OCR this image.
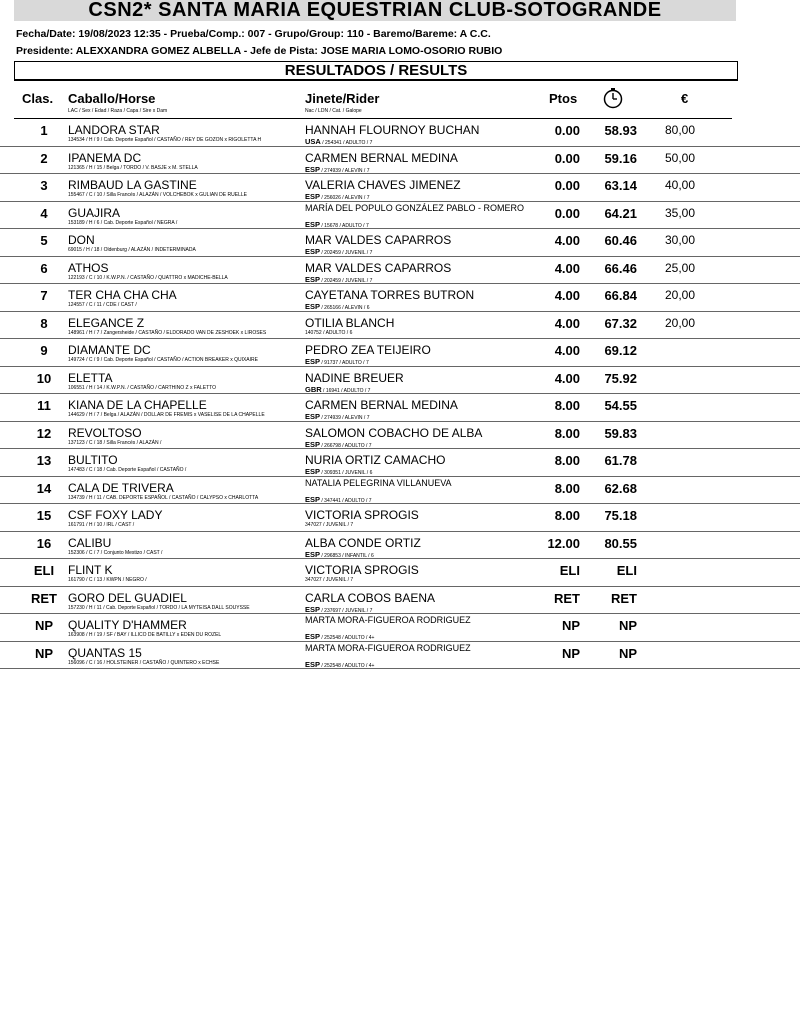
CSN2* SANTA MARIA EQUESTRIAN CLUB-SOTOGRANDE
Fecha/Date: 19/08/2023 12:35 - Prueba/Comp.: 007 - Grupo/Group: 110 - Baremo/Bareme: A C.C.
Presidente: ALEXXANDRA GOMEZ ALBELLA - Jefe de Pista: JOSE MARIA LOMO-OSORIO RUBIO
RESULTADOS / RESULTS
Clas. Caballo/Horse
LAC / Sex / Edad / Raza / Capa / Sire x Dam
Jinete/Rider
Nac / LDN / Cat. / Galope
Ptos	€
1	LANDORA STAR
134534 / H / 9 / Cab. Deporte Español / CASTAÑO / REY DE GOZON x RIGOLETTA H
HANNAH FLOURNOY BUCHAN
USA / 254341 / ADULTO / 7
0.00	58.93	80,00
2	IPANEMA DC
121365 / H / 15 / Belga / TORDO / V. BASJE x M. STELLA
CARMEN BERNAL MEDINA
ESP / 274939 / ALEVIN / 7
0.00	59.16	50,00
3	RIMBAUD LA GASTINE
155467 / C / 10 / Silla Francés / ALAZÁN / VOLCHEBOK x GULIAN DE RUELLE
VALERIA CHAVES JIMENEZ
ESP / 256026 / ALEVIN / 7
0.00	63.14	40,00
4	GUAJIRA
153189 / H / 6 / Cab. Deporte Español / NEGRA /
MARÍA DEL POPULO GONZÁLEZ PABLO - ROMERO
ESP / 15678 / ADULTO / 7
0.00	64.21	35,00
5	DON
69015 / H / 18 / Oldenburg / ALAZÁN / INDETERMINADA
MAR VALDES CAPARROS
ESP / 202459 / JUVENIL / 7
4.00	60.46	30,00
6	ATHOS
122193 / C / 10 / K.W.P.N. / CASTAÑO / QUATTRO x MADICHE-BELLA
MAR VALDES CAPARROS
ESP / 202459 / JUVENIL / 7
4.00	66.46	25,00
7	TER CHA CHA CHA
124557 / C / 11 / CDE / CAST /
CAYETANA TORRES BUTRON
ESP / 265166 / ALEVIN / 6
4.00	66.84	20,00
8	ELEGANCE Z
148961 / H / 7 / Zangersheide / CASTAÑO / ELDORADO VAN DE ZESHOEK x LIROSES
OTILIA BLANCH
140752 / ADULTO / 6
4.00	67.32	20,00
9	DIAMANTE DC
149724 / C / 9 / Cab. Deporte Español / CASTAÑO / ACTION BREAKER x QUIXAIRE
PEDRO ZEA TEIJEIRO
ESP / 91737 / ADULTO / 7
4.00	69.12
10	ELETTA
106551 / H / 14 / K.W.P.N. / CASTAÑO / CARTHINO Z x FALETTO
NADINE BREUER
GBR / 16941 / ADULTO / 7
4.00	75.92
11	KIANA DE LA CHAPELLE
144629 / H / 7 / Belga / ALAZÁN / DOLLAR DE FREMIS x VASELISE DE LA CHAPELLE
CARMEN BERNAL MEDINA
ESP / 274939 / ALEVIN / 7
8.00	54.55
12	REVOLTOSO
137123 / C / 18 / Silla Francés / ALAZÁN /
SALOMON COBACHO DE ALBA
ESP / 266798 / ADULTO / 7
8.00	59.83
13	BULTITO
147483 / C / 18 / Cab. Deporte Español / CASTAÑO /
NURIA ORTIZ CAMACHO
ESP / 309351 / JUVENIL / 6
8.00	61.78
14	CALA DE TRIVERA
134739 / H / 11 / CAB. DEPORTE ESPAÑOL / CASTAÑO / CALYPSO x CHARLOTTA
NATALIA PELEGRINA VILLANUEVA
ESP / 347441 / ADULTO / 7
8.00	62.68
15	CSF FOXY LADY
161791 / H / 10 / IRL / CAST /
VICTORIA SPROGIS
347027 / JUVENIL / 7
8.00	75.18
16	CALIBU
152306 / C / 7 / Conjunto Mestizo / CAST /
ALBA CONDE ORTIZ
ESP / 296853 / INFANTIL / 6
12.00	80.55
ELI	FLINT K
161790 / C / 13 / KWPN / NEGRO /
VICTORIA SPROGIS
347027 / JUVENIL / 7
ELI	ELI
RET GORO DEL GUADIEL
157230 / H / 11 / Cab. Deporte Español / TORDO / LA MYTEISA DALL SOUYSSE
CARLA COBOS BAENA
ESP / 237697 / JUVENIL / 7
RET	RET
NP	QUALITY D'HAMMER
163908 / H / 19 / SF / BAY / ILLICO DE BATILLY x EDEN DU ROZEL
MARTA MORA-FIGUEROA RODRIGUEZ
ESP / 252548 / ADULTO / 4+
NP	NP
NP	QUANTAS 15
156096 / C / 16 / HOLSTEINER / CASTAÑO / QUINTERO x ECHSE
MARTA MORA-FIGUEROA RODRIGUEZ
ESP / 252548 / ADULTO / 4+
NP	NP
